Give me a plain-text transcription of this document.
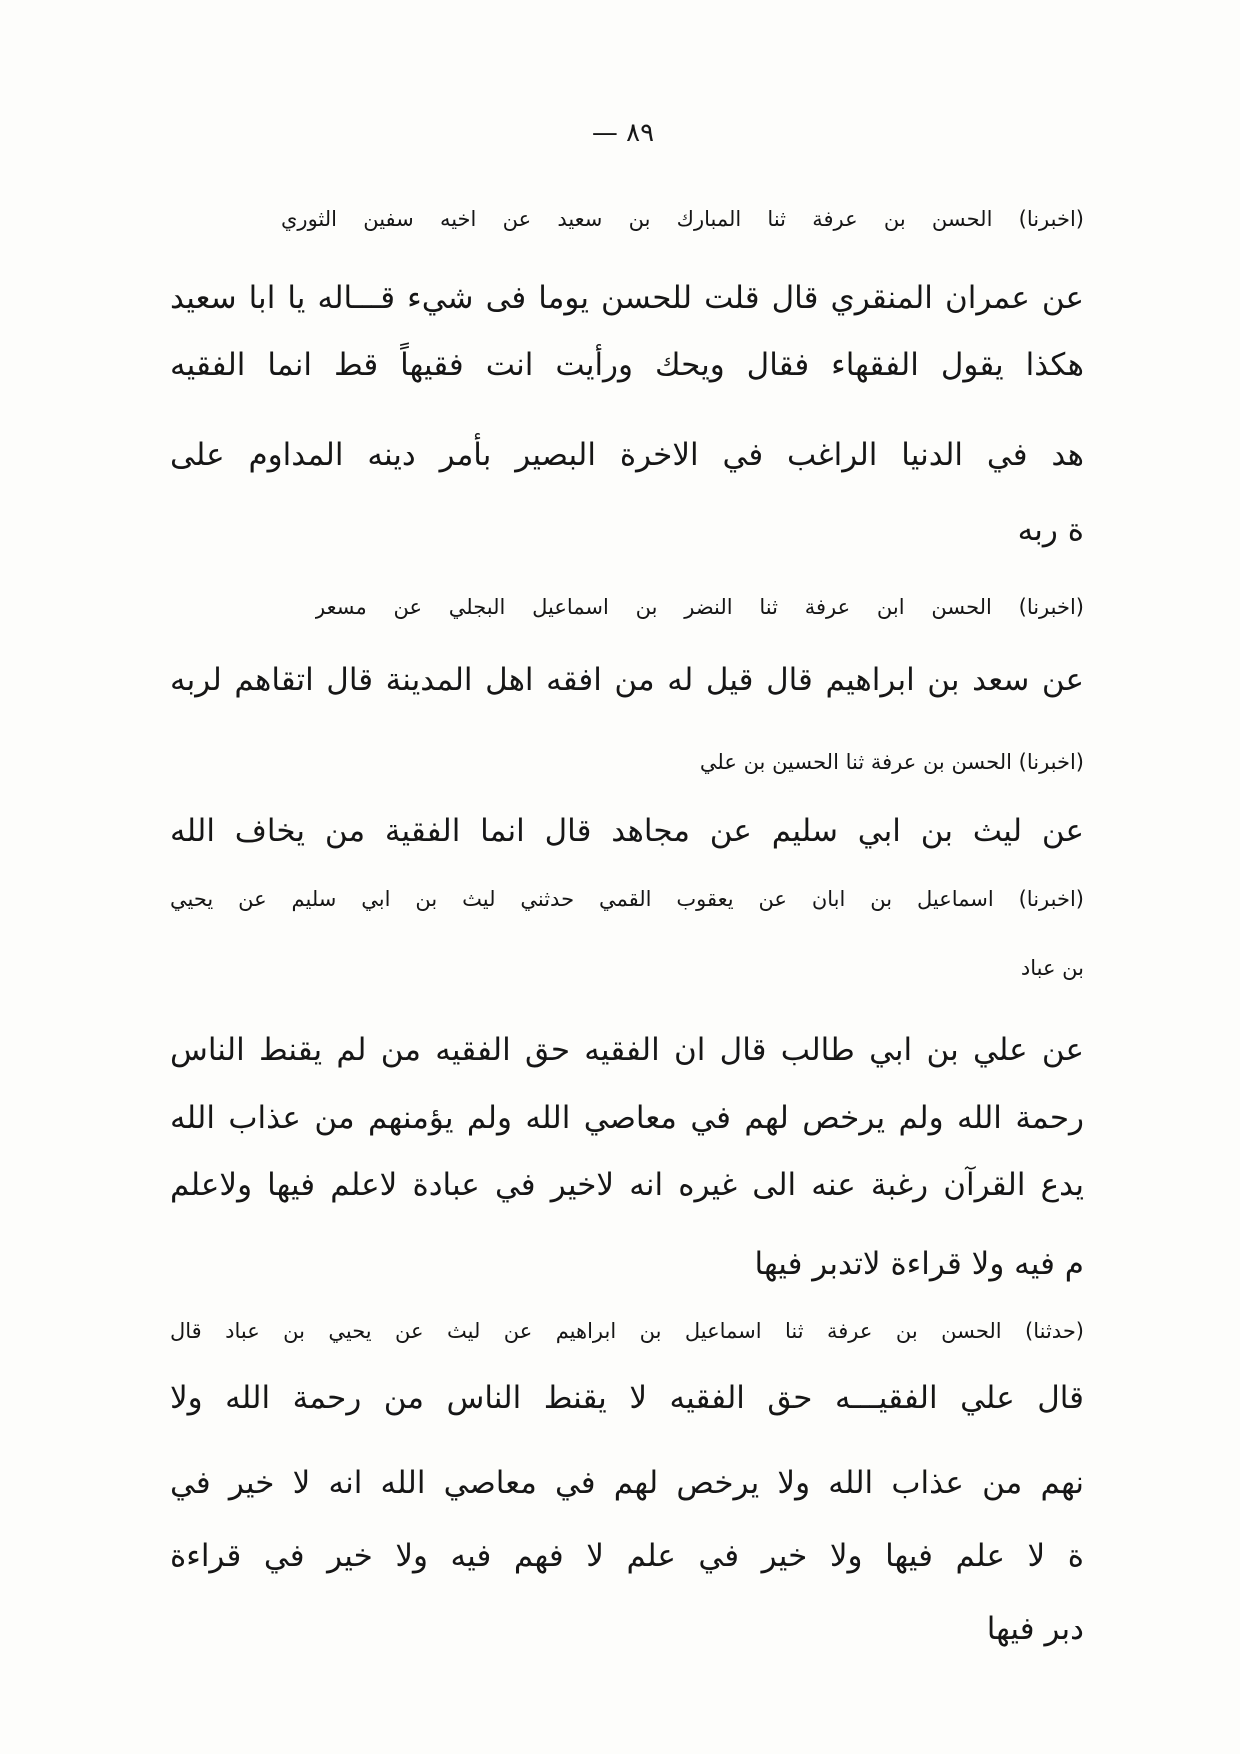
— ٨٩
(اخبرنا) الحسن بن عرفة ثنا المبارك بن سعيد عن اخيه سفين الثوري
عن عمران المنقري قال قلت للحسن يوما فى شيء قـــاله يا ابا سعيد
هكذا يقول الفقهاء فقال ويحك ورأيت انت فقيهاً قط انما الفقيه
هد في الدنيا الراغب في الاخرة البصير بأمر دينه المداوم على
ة ربه
(اخبرنا) الحسن ابن عرفة ثنا النضر بن اسماعيل البجلي عن مسعر
عن سعد بن ابراهيم قال قيل له من افقه اهل المدينة قال اتقاهم لربه
(اخبرنا) الحسن بن عرفة ثنا الحسين بن علي
عن ليث بن ابي سليم عن مجاهد قال انما الفقية من يخاف الله
(اخبرنا) اسماعيل بن ابان عن يعقوب القمي حدثني ليث بن ابي سليم عن يحيي
بن عباد
عن علي بن ابي طالب قال ان الفقيه حق الفقيه من لم يقنط الناس
رحمة الله ولم يرخص لهم في معاصي الله ولم يؤمنهم من عذاب الله
يدع القرآن رغبة عنه الى غيره انه لاخير في عبادة لاعلم فيها ولاعلم
م فيه ولا قراءة لاتدبر فيها
(حدثنا) الحسن بن عرفة ثنا اسماعيل بن ابراهيم عن ليث عن يحيي بن عباد قال
قال علي الفقيـــه حق الفقيه لا يقنط الناس من رحمة الله ولا
نهم من عذاب الله ولا يرخص لهم في معاصي الله انه لا خير في
ة لا علم فيها ولا خير في علم لا فهم فيه ولا خير في قراءة
دبر فيها
